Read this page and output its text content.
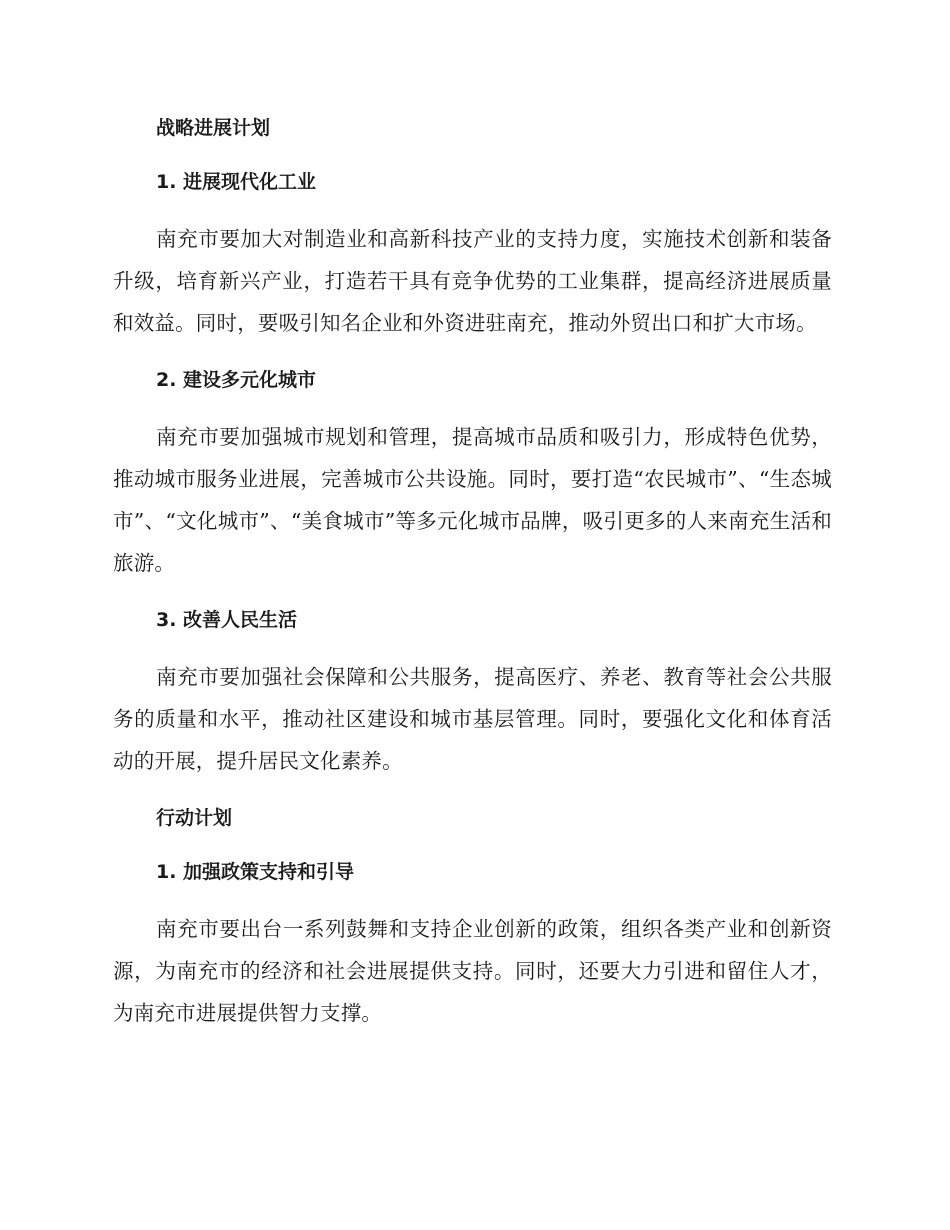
战略进展计划
1. 进展现代化工业

南充市要加大对制造业和高新科技产业的支持力度，实施技术创新和装备升级，培育新兴产业，打造若干具有竞争优势的工业集群，提高经济进展质量和效益。同时，要吸引知名企业和外资进驻南充，推动外贸出口和扩大市场。

2. 建设多元化城市

南充市要加强城市规划和管理，提高城市品质和吸引力，形成特色优势，推动城市服务业进展，完善城市公共设施。同时，要打造“农民城市”、“生态城市”、“文化城市”、“美食城市”等多元化城市品牌，吸引更多的人来南充生活和旅游。

3. 改善人民生活

南充市要加强社会保障和公共服务，提高医疗、养老、教育等社会公共服务的质量和水平，推动社区建设和城市基层管理。同时，要强化文化和体育活动的开展，提升居民文化素养。

行动计划
1. 加强政策支持和引导

南充市要出台一系列鼓舞和支持企业创新的政策，组织各类产业和创新资源，为南充市的经济和社会进展提供支持。同时，还要大力引进和留住人才，为南充市进展提供智力支撑。
